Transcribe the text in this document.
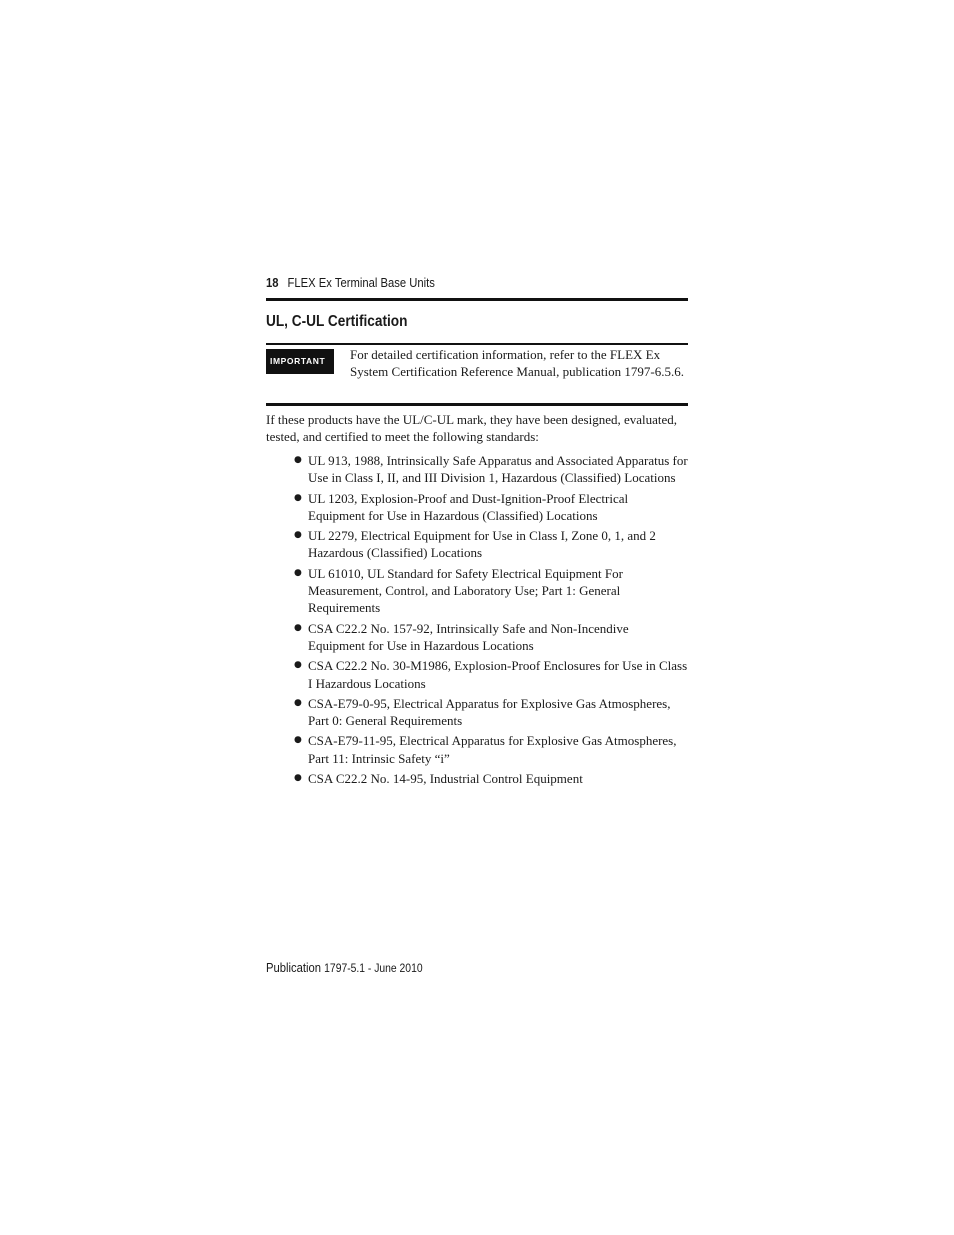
18 FLEX Ex Terminal Base Units
UL, C-UL Certification
IMPORTANT	For detailed certification information, refer to the FLEX Ex System Certification Reference Manual, publication 1797-6.5.6.
If these products have the UL/C-UL mark, they have been designed, evaluated, tested, and certified to meet the following standards:
● UL 913, 1988, Intrinsically Safe Apparatus and Associated Apparatus for Use in Class I, II, and III Division 1, Hazardous (Classified) Locations
● UL 1203, Explosion-Proof and Dust-Ignition-Proof Electrical Equipment for Use in Hazardous (Classified) Locations
● UL 2279, Electrical Equipment for Use in Class I, Zone 0, 1, and 2 Hazardous (Classified) Locations
● UL 61010, UL Standard for Safety Electrical Equipment For Measurement, Control, and Laboratory Use; Part 1: General Requirements
● CSA C22.2 No. 157-92, Intrinsically Safe and Non-Incendive Equipment for Use in Hazardous Locations
● CSA C22.2 No. 30-M1986, Explosion-Proof Enclosures for Use in Class I Hazardous Locations
● CSA-E79-0-95, Electrical Apparatus for Explosive Gas Atmospheres, Part 0: General Requirements
● CSA-E79-11-95, Electrical Apparatus for Explosive Gas Atmospheres, Part 11: Intrinsic Safety “i”
● CSA C22.2 No. 14-95, Industrial Control Equipment
Publication 1797-5.1 - June 2010
